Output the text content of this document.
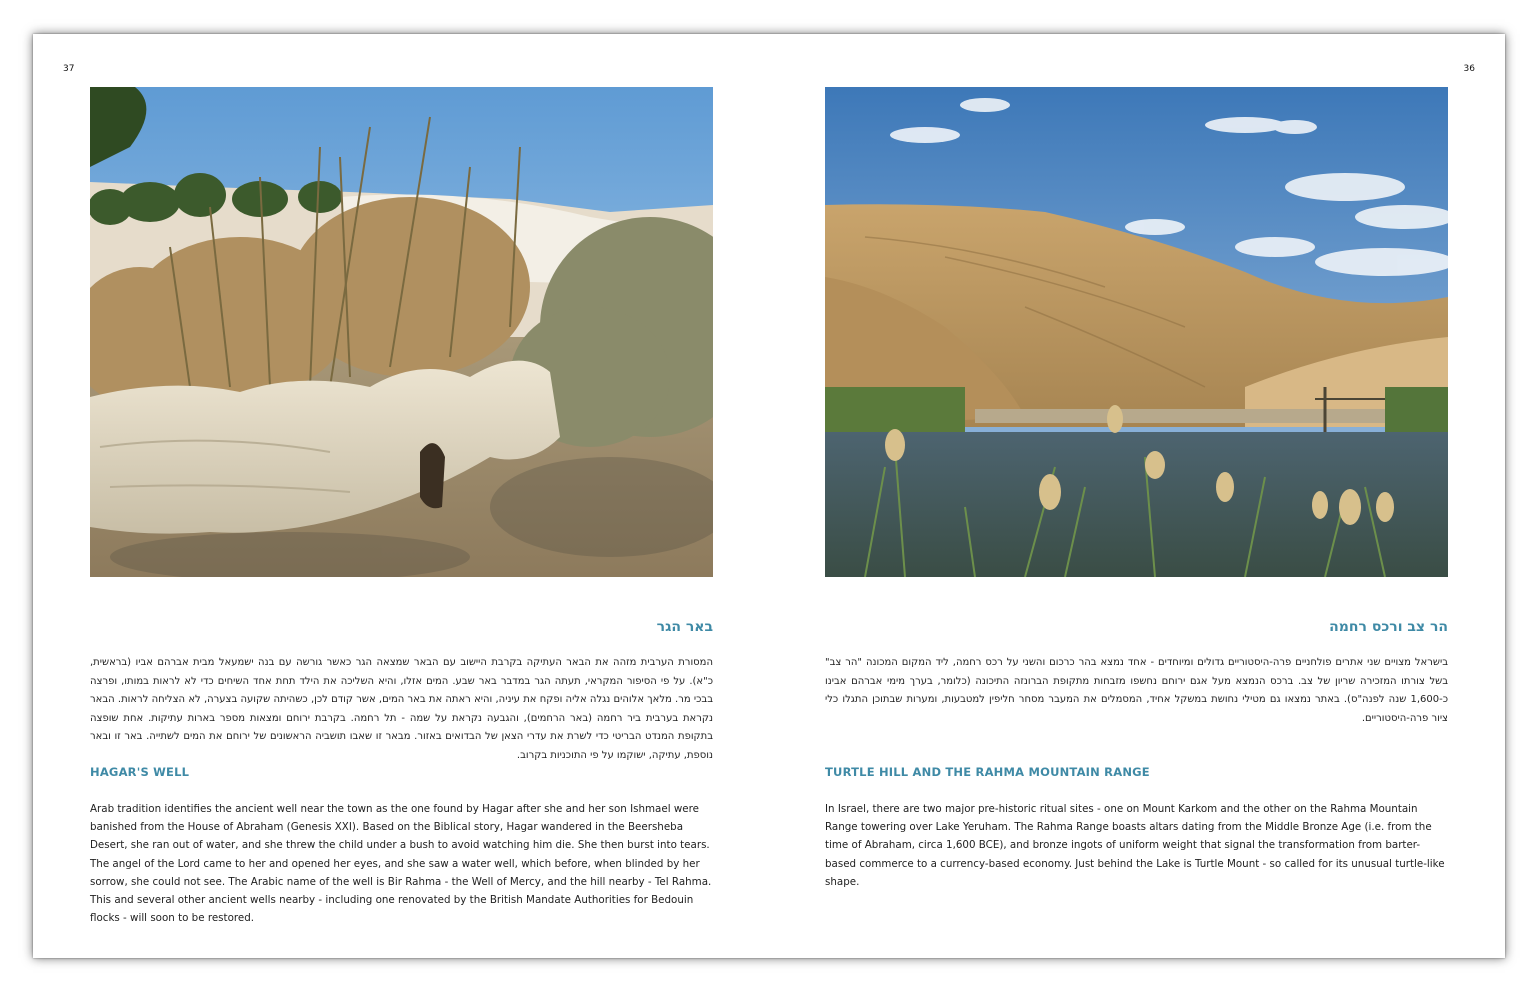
37
באר הגר
המסורת הערבית מזהה את הבאר העתיקה בקרבת היישוב עם הבאר שמצאה הגר כאשר גורשה עם בנה ישמעאל מבית אברהם אביו (בראשית, כ"א). על פי הסיפור המקראי, תעתה הגר במדבר באר שבע. המים אזלו, והיא השליכה את הילד תחת אחד השיחים כדי לא לראות במותו, ופרצה בבכי מר. מלאך אלוהים נגלה אליה ופקח את עיניה, והיא ראתה את באר המים, אשר קודם לכן, כשהיתה שקועה בצערה, לא הצליחה לראות. הבאר נקראת בערבית ביר רחמה (באר הרחמים), והגבעה נקראת על שמה - תל רחמה. בקרבת ירוחם ומצאות מספר בארות עתיקות. אחת שופצה בתקופת המנדט הבריטי כדי לשרת את עדרי הצאן של הבדואים באזור. מבאר זו שאבו תושביה הראשונים של ירוחם את המים לשתייה. באר זו ובאר נוספת, עתיקה, ישוקמו על פי התוכניות בקרוב.
HAGAR'S WELL
Arab tradition identifies the ancient well near the town as the one found by Hagar after she and her son Ishmael were banished from the House of Abraham (Genesis XXI). Based on the Biblical story, Hagar wandered in the Beersheba Desert, she ran out of water, and she threw the child under a bush to avoid watching him die. She then burst into tears. The angel of the Lord came to her and opened her eyes, and she saw a water well, which before, when blinded by her sorrow, she could not see. The Arabic name of the well is Bir Rahma - the Well of Mercy, and the hill nearby - Tel Rahma. This and several other ancient wells nearby - including one renovated by the British Mandate Authorities for Bedouin flocks - will soon to be restored.
36
הר צב ורכס רחמה
בישראל מצויים שני אתרים פולחניים פרה-היסטוריים גדולים ומיוחדים - אחד נמצא בהר כרכום והשני על רכס רחמה, ליד המקום המכונה "הר צב" בשל צורתו המזכירה שריון של צב. ברכס הנמצא מעל אגם ירוחם נחשפו מזבחות מתקופת הברונזה התיכונה (כלומר, בערך מימי אברהם אבינו כ-1,600 שנה לפנה"ס). באתר נמצאו גם מטילי נחושת במשקל אחיד, המסמלים את המעבר מסחר חליפין למטבעות, ומערות שבתוכן התגלו כלי ציור פרה-היסטוריים.
TURTLE HILL AND THE RAHMA MOUNTAIN RANGE
In Israel, there are two major pre-historic ritual sites - one on Mount Karkom and the other on the Rahma Mountain Range towering over Lake Yeruham. The Rahma Range boasts altars dating from the Middle Bronze Age (i.e. from the time of Abraham, circa 1,600 BCE), and bronze ingots of uniform weight that signal the transformation from barter-based commerce to a currency-based economy. Just behind the Lake is Turtle Mount - so called for its unusual turtle-like shape.
